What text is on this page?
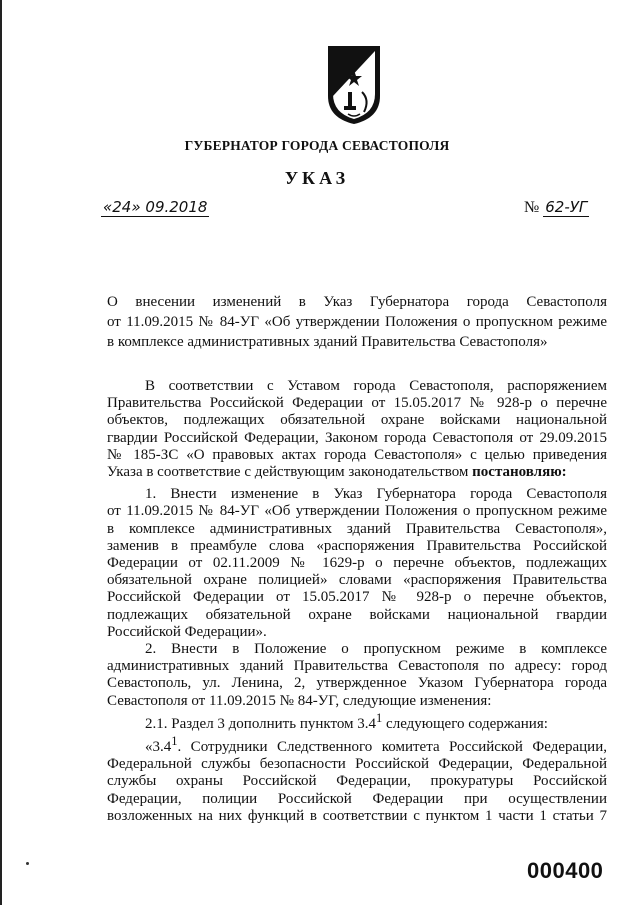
ГУБЕРНАТОР ГОРОДА СЕВАСТОПОЛЯ
УКАЗ
«24» 09.2018	№ 62-УГ
О внесении изменений в Указ Губернатора города Севастополя
от 11.09.2015 № 84-УГ «Об утверждении Положения о пропускном режиме
в комплексе административных зданий Правительства Севастополя»
В соответствии с Уставом города Севастополя, распоряжением
Правительства Российской Федерации от 15.05.2017 № 928-р о перечне
объектов, подлежащих обязательной охране войсками национальной
гвардии Российской Федерации, Законом города Севастополя от 29.09.2015
№ 185-ЗС «О правовых актах города Севастополя» с целью приведения
Указа в соответствие с действующим законодательством постановляю:
1. Внести изменение в Указ Губернатора города Севастополя
от 11.09.2015 № 84-УГ «Об утверждении Положения о пропускном режиме
в комплексе административных зданий Правительства Севастополя»,
заменив в преамбуле слова «распоряжения Правительства Российской
Федерации от 02.11.2009 № 1629-р о перечне объектов, подлежащих
обязательной охране полицией» словами «распоряжения Правительства
Российской Федерации от 15.05.2017 № 928-р о перечне объектов,
подлежащих обязательной охране войсками национальной гвардии
Российской Федерации».
2. Внести в Положение о пропускном режиме в комплексе
административных зданий Правительства Севастополя по адресу: город
Севастополь, ул. Ленина, 2, утвержденное Указом Губернатора города
Севастополя от 11.09.2015 № 84-УГ, следующие изменения:
2.1. Раздел 3 дополнить пунктом $3.4^1$ следующего содержания:
«$3.4^1$. Сотрудники Следственного комитета Российской Федерации,
Федеральной службы безопасности Российской Федерации, Федеральной
службы охраны Российской Федерации, прокуратуры Российской
Федерации, полиции Российской Федерации при осуществлении
возложенных на них функций в соответствии с пунктом 1 части 1 статьи 7
000400
